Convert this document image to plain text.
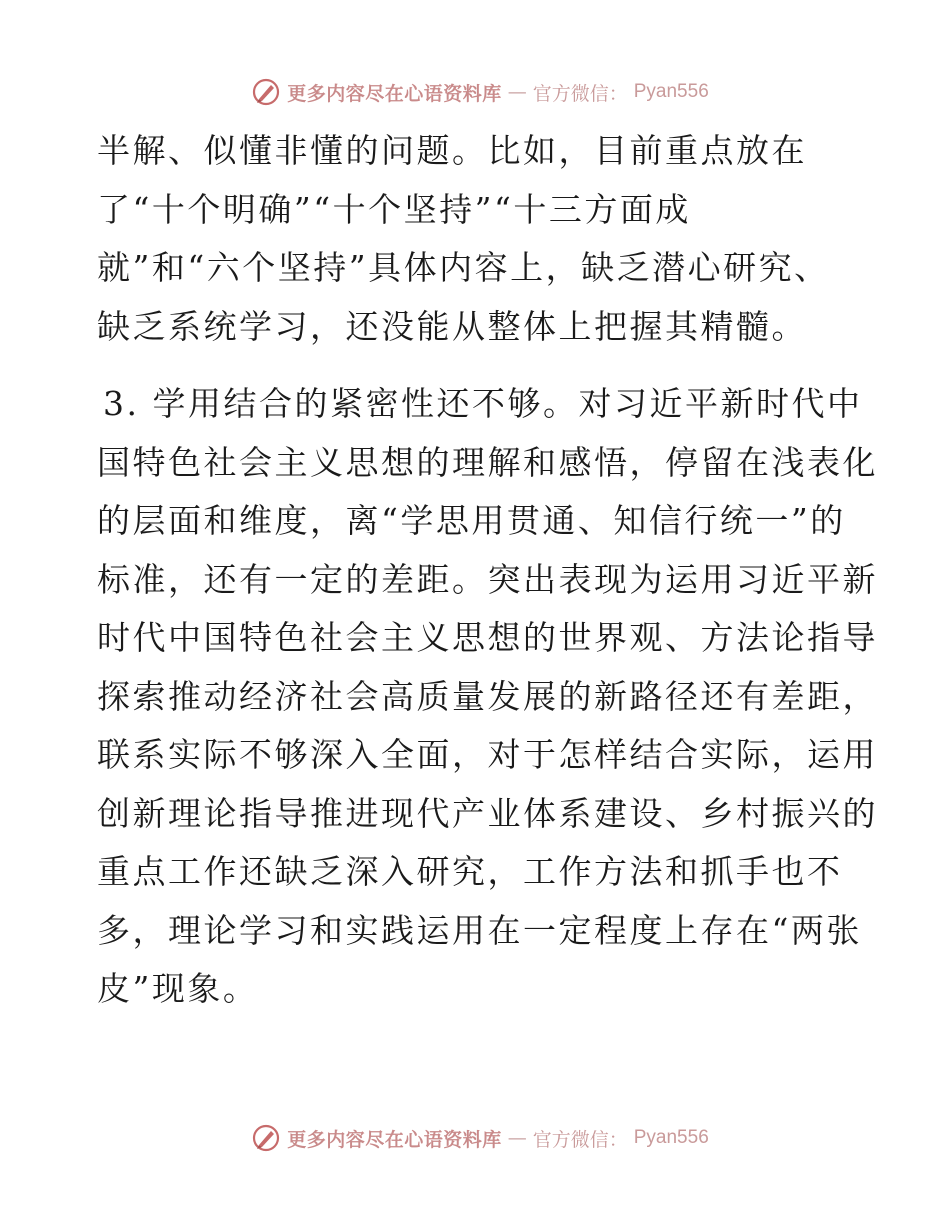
更多内容尽在心语资料库 — 官方微信： Pyan556

半解、似懂非懂的问题。比如，目前重点放在

了“十个明确”“十个坚持”“十三方面成

就”和“六个坚持”具体内容上，缺乏潜心研究、

缺乏系统学习，还没能从整体上把握其精髓。

3. 学用结合的紧密性还不够。对习近平新时代中

国特色社会主义思想的理解和感悟，停留在浅表化

的层面和维度，离“学思用贯通、知信行统一”的

标准，还有一定的差距。突出表现为运用习近平新

时代中国特色社会主义思想的世界观、方法论指导

探索推动经济社会高质量发展的新路径还有差距，

联系实际不够深入全面，对于怎样结合实际，运用

创新理论指导推进现代产业体系建设、乡村振兴的

重点工作还缺乏深入研究，工作方法和抓手也不

多，理论学习和实践运用在一定程度上存在“两张

皮”现象。

更多内容尽在心语资料库 — 官方微信： Pyan556
